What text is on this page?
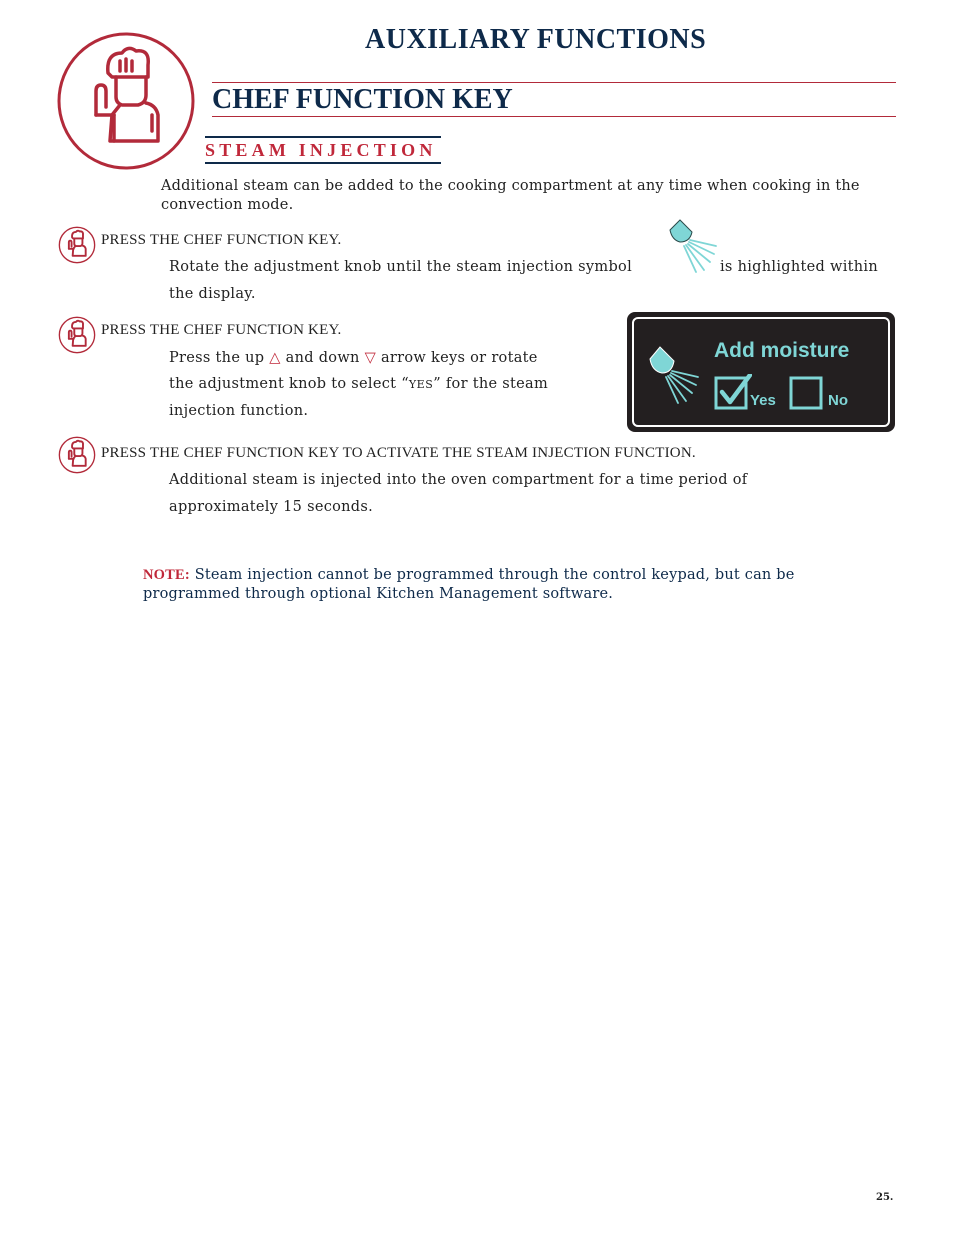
AUXILIARY FUNCTIONS
CHEF FUNCTION KEY
STEAM INJECTION
Additional steam can be added to the cooking compartment at any time when cooking in the convection mode.
PRESS THE CHEF FUNCTION KEY.
Rotate the adjustment knob until the steam injection symbol	is highlighted within
the display.
PRESS THE CHEF FUNCTION KEY.
Press the up △ and down ▽ arrow keys or rotate
the adjustment knob to select “YES” for the steam
injection function.
Add moisture
Yes	No
PRESS THE CHEF FUNCTION KEY TO ACTIVATE THE STEAM INJECTION FUNCTION.
Additional steam is injected into the oven compartment for a time period of
approximately 15 seconds.
NOTE: Steam injection cannot be programmed through the control keypad, but can be programmed through optional Kitchen Management software.
25.
